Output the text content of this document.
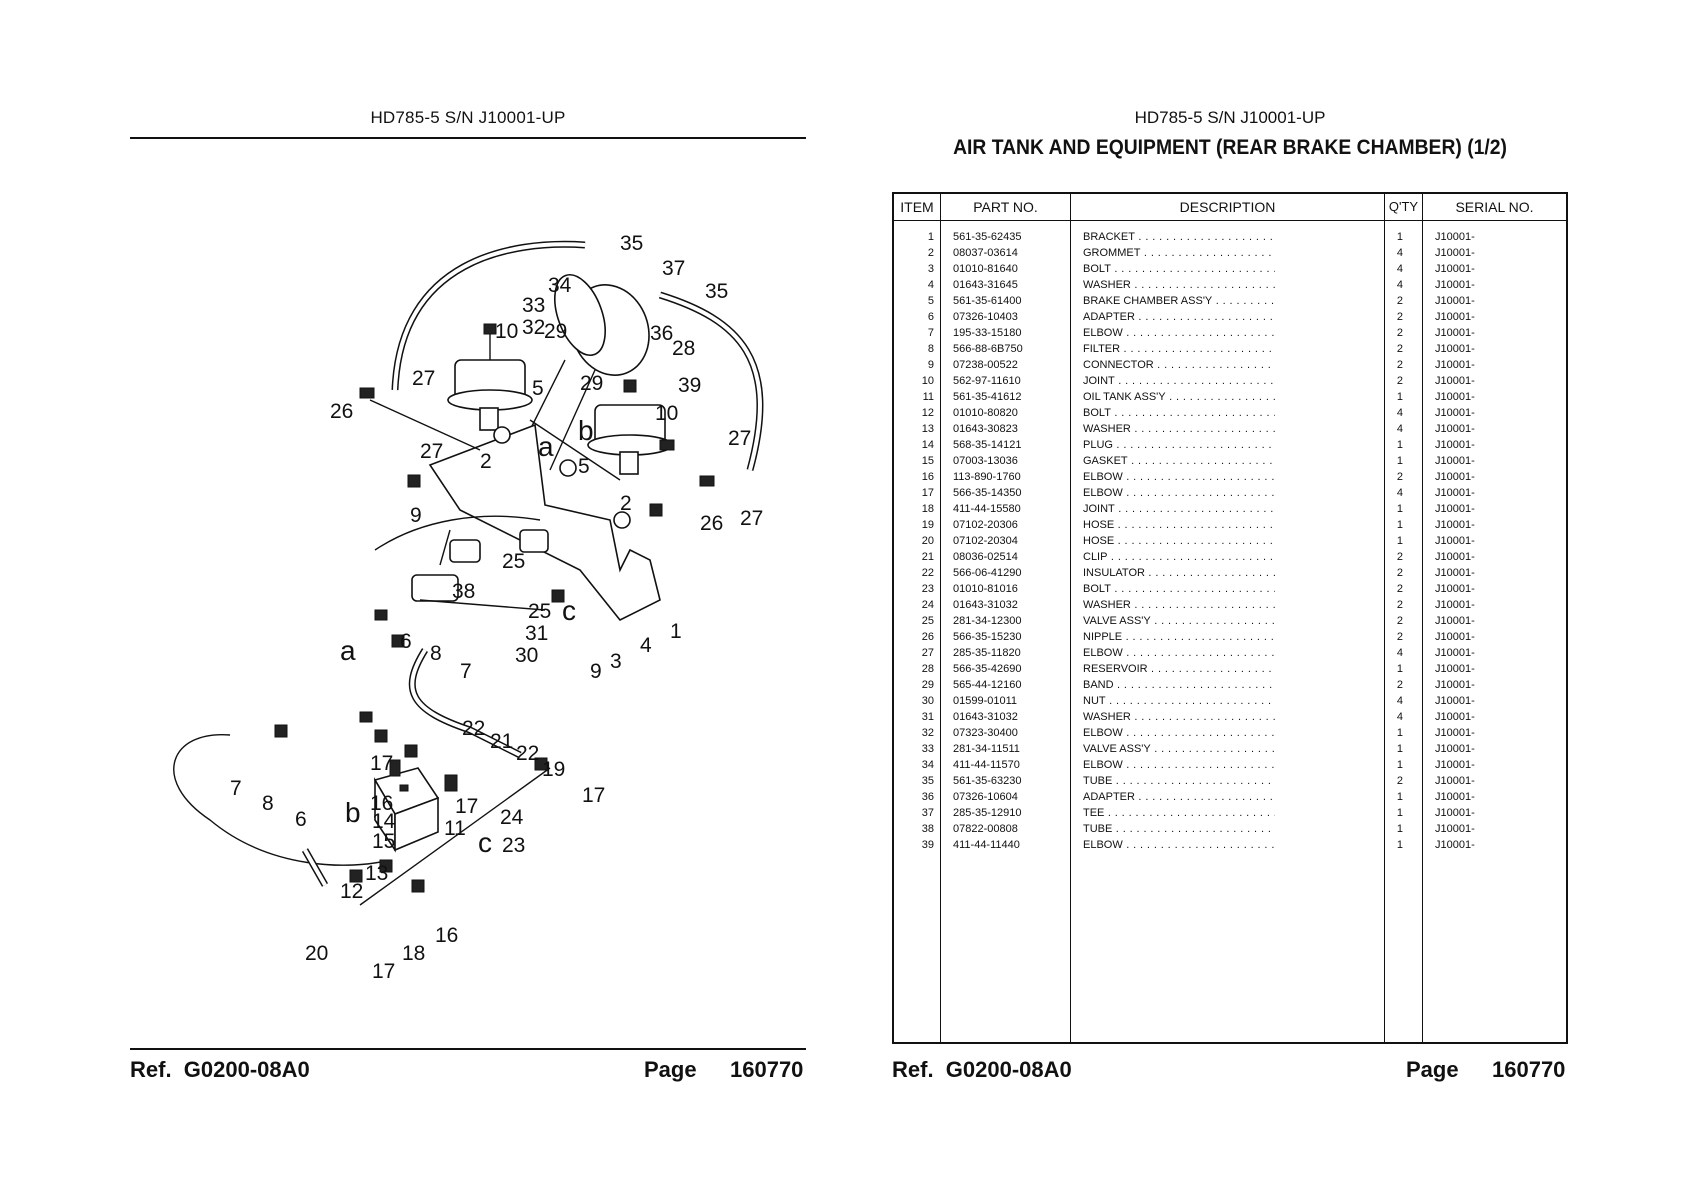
HD785-5 S/N J10001-UP
35
37
35
34
33
32	36
28
10 29
29	39
27	5
26
27 2 a
b
10
27
5
2
26 27
9
25
25
38
c
31
30
1
4
3
9
a 6
8
7
22
21
22
19
17
7
8
6 b 16	17 24
14
15
11 c 23
17
13
12
16
20	18
17
Ref. G0200-08A0	Page 160770
HD785-5 S/N J10001-UP
AIR TANK AND EQUIPMENT (REAR BRAKE CHAMBER) (1/2)
ITEM	PART NO.	DESCRIPTION	Q'TY	SERIAL NO.
1 561-35-62435	BRACKET . . .	1	J10001-
2 08037-03614	GROMMET . . .	4	J10001-
3 01010-81640	BOLT . . .	4	J10001-
4 01643-31645	WASHER . . .	4	J10001-
5 561-35-61400	BRAKE CHAMBER ASS'Y . . .	2	J10001-
6 07326-10403	ADAPTER . . .	2	J10001-
7 195-33-15180	ELBOW . . .	2	J10001-
8 566-88-6B750	FILTER . . .	2	J10001-
9 07238-00522	CONNECTOR . . .	2	J10001-
10 562-97-11610	JOINT . . .	2	J10001-
11 561-35-41612	OIL TANK ASS'Y . . .	1	J10001-
12 01010-80820	BOLT . . .	4	J10001-
13 01643-30823	WASHER . . .	4	J10001-
14 568-35-14121	PLUG . . .	1	J10001-
15 07003-13036	GASKET . . .	1	J10001-
16 113-890-1760	ELBOW . . .	2	J10001-
17 566-35-14350	ELBOW . . .	4	J10001-
18 411-44-15580	JOINT . . .	1	J10001-
19 07102-20306	HOSE . . .	1	J10001-
20 07102-20304	HOSE . . .	1	J10001-
21 08036-02514	CLIP . . .	2	J10001-
22 566-06-41290	INSULATOR . . .	2	J10001-
23 01010-81016	BOLT . . .	2	J10001-
24 01643-31032	WASHER . . .	2	J10001-
25 281-34-12300	VALVE ASS'Y . . .	2	J10001-
26 566-35-15230	NIPPLE . . .	2	J10001-
27 285-35-11820	ELBOW . . .	4	J10001-
28 566-35-42690	RESERVOIR . . .	1	J10001-
29 565-44-12160	BAND . . .	2	J10001-
30 01599-01011	NUT . . .	4	J10001-
31 01643-31032	WASHER . . .	4	J10001-
32 07323-30400	ELBOW . . .	1	J10001-
33 281-34-11511	VALVE ASS'Y . . .	1	J10001-
34 411-44-11570	ELBOW . . .	1	J10001-
35 561-35-63230	TUBE . . .	2	J10001-
36 07326-10604	ADAPTER . . .	1	J10001-
37 285-35-12910	TEE . . .	1	J10001-
38 07822-00808	TUBE . . .	1	J10001-
39 411-44-11440	ELBOW . . .	1	J10001-
Ref. G0200-08A0	Page 160770
